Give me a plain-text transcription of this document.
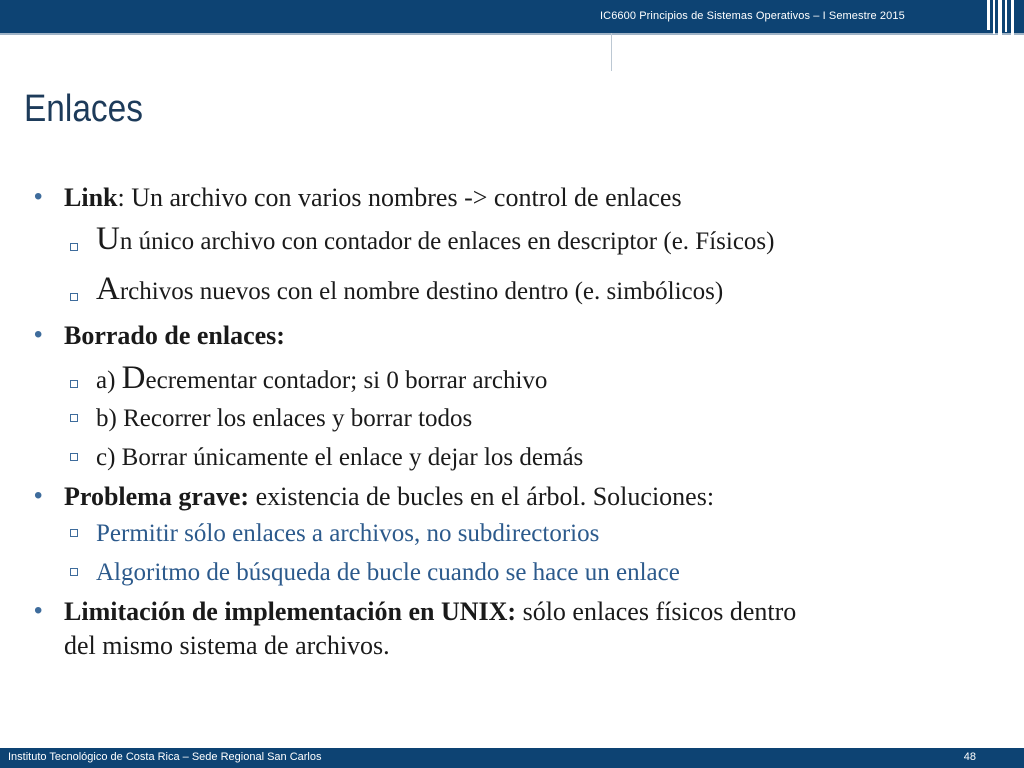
IC6600 Principios de Sistemas Operativos – I Semestre 2015
Enlaces
• Link: Un archivo con varios nombres -> control de enlaces
Un único archivo con contador de enlaces en descriptor (e. Físicos)
Archivos nuevos con el nombre destino dentro (e. simbólicos)
• Borrado de enlaces:
a) Decrementar contador; si 0 borrar archivo
b) Recorrer los enlaces y borrar todos
c) Borrar únicamente el enlace y dejar los demás
• Problema grave: existencia de bucles en el árbol. Soluciones:
Permitir sólo enlaces a archivos, no subdirectorios
Algoritmo de búsqueda de bucle cuando se hace un enlace
• Limitación de implementación en UNIX: sólo enlaces físicos dentro
del mismo sistema de archivos.
Instituto Tecnológico de Costa Rica – Sede Regional San Carlos	48
